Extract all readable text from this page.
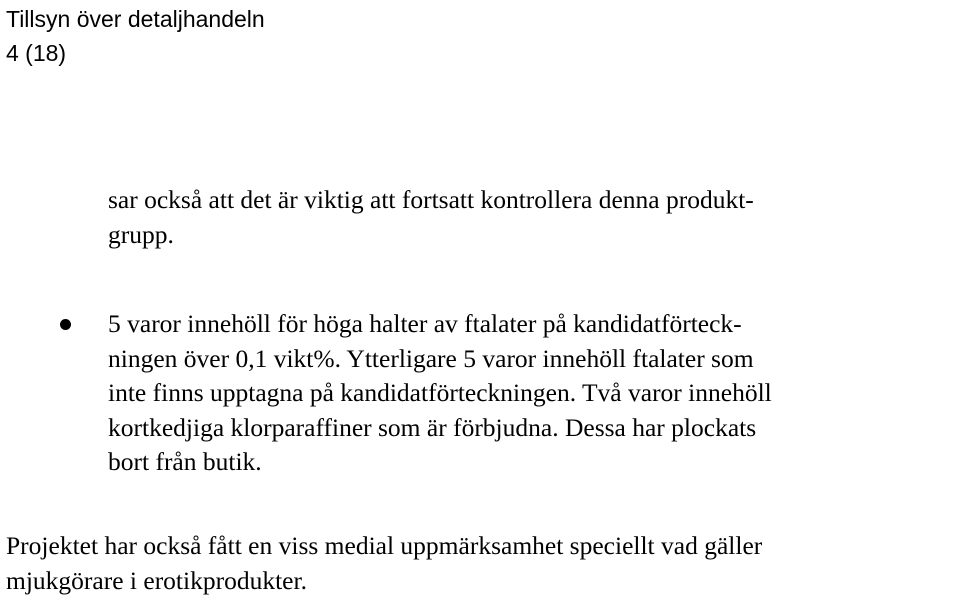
Tillsyn över detaljhandeln
4 (18)
sar också att det är viktig att fortsatt kontrollera denna produkt-
grupp.
5 varor innehöll för höga halter av ftalater på kandidatförteck-
ningen över 0,1 vikt%. Ytterligare 5 varor innehöll ftalater som
inte finns upptagna på kandidatförteckningen. Två varor innehöll
kortkedjiga klorparaffiner som är förbjudna. Dessa har plockats
bort från butik.
Projektet har också fått en viss medial uppmärksamhet speciellt vad gäller
mjukgörare i erotikprodukter.
